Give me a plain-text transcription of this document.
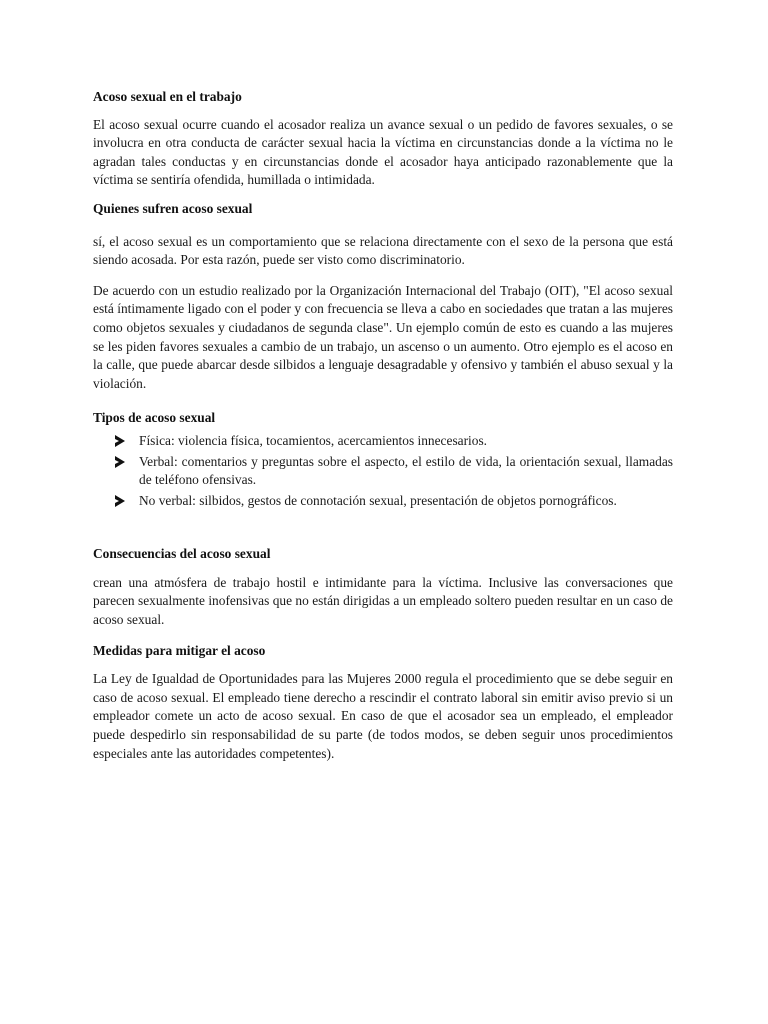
Acoso sexual en el trabajo

El acoso sexual ocurre cuando el acosador realiza un avance sexual o un pedido de favores sexuales, o se involucra en otra conducta de carácter sexual hacia la víctima en circunstancias donde a la víctima no le agradan tales conductas y en circunstancias donde el acosador haya anticipado razonablemente que la víctima se sentiría ofendida, humillada o intimidada.

Quienes sufren acoso sexual

sí, el acoso sexual es un comportamiento que se relaciona directamente con el sexo de la persona que está siendo acosada. Por esta razón, puede ser visto como discriminatorio.

De acuerdo con un estudio realizado por la Organización Internacional del Trabajo (OIT), "El acoso sexual está íntimamente ligado con el poder y con frecuencia se lleva a cabo en sociedades que tratan a las mujeres como objetos sexuales y ciudadanos de segunda clase". Un ejemplo común de esto es cuando a las mujeres se les piden favores sexuales a cambio de un trabajo, un ascenso o un aumento. Otro ejemplo es el acoso en la calle, que puede abarcar desde silbidos a lenguaje desagradable y ofensivo y también el abuso sexual y la violación.

Tipos de acoso sexual
Física: violencia física, tocamientos, acercamientos innecesarios.
Verbal: comentarios y preguntas sobre el aspecto, el estilo de vida, la orientación sexual, llamadas de teléfono ofensivas.
No verbal: silbidos, gestos de connotación sexual, presentación de objetos pornográficos.
Consecuencias del acoso sexual

crean una atmósfera de trabajo hostil e intimidante para la víctima. Inclusive las conversaciones que parecen sexualmente inofensivas que no están dirigidas a un empleado soltero pueden resultar en un caso de acoso sexual.

Medidas para mitigar el acoso

La Ley de Igualdad de Oportunidades para las Mujeres 2000 regula el procedimiento que se debe seguir en caso de acoso sexual. El empleado tiene derecho a rescindir el contrato laboral sin emitir aviso previo si un empleador comete un acto de acoso sexual. En caso de que el acosador sea un empleado, el empleador puede despedirlo sin responsabilidad de su parte (de todos modos, se deben seguir unos procedimientos especiales ante las autoridades competentes).
